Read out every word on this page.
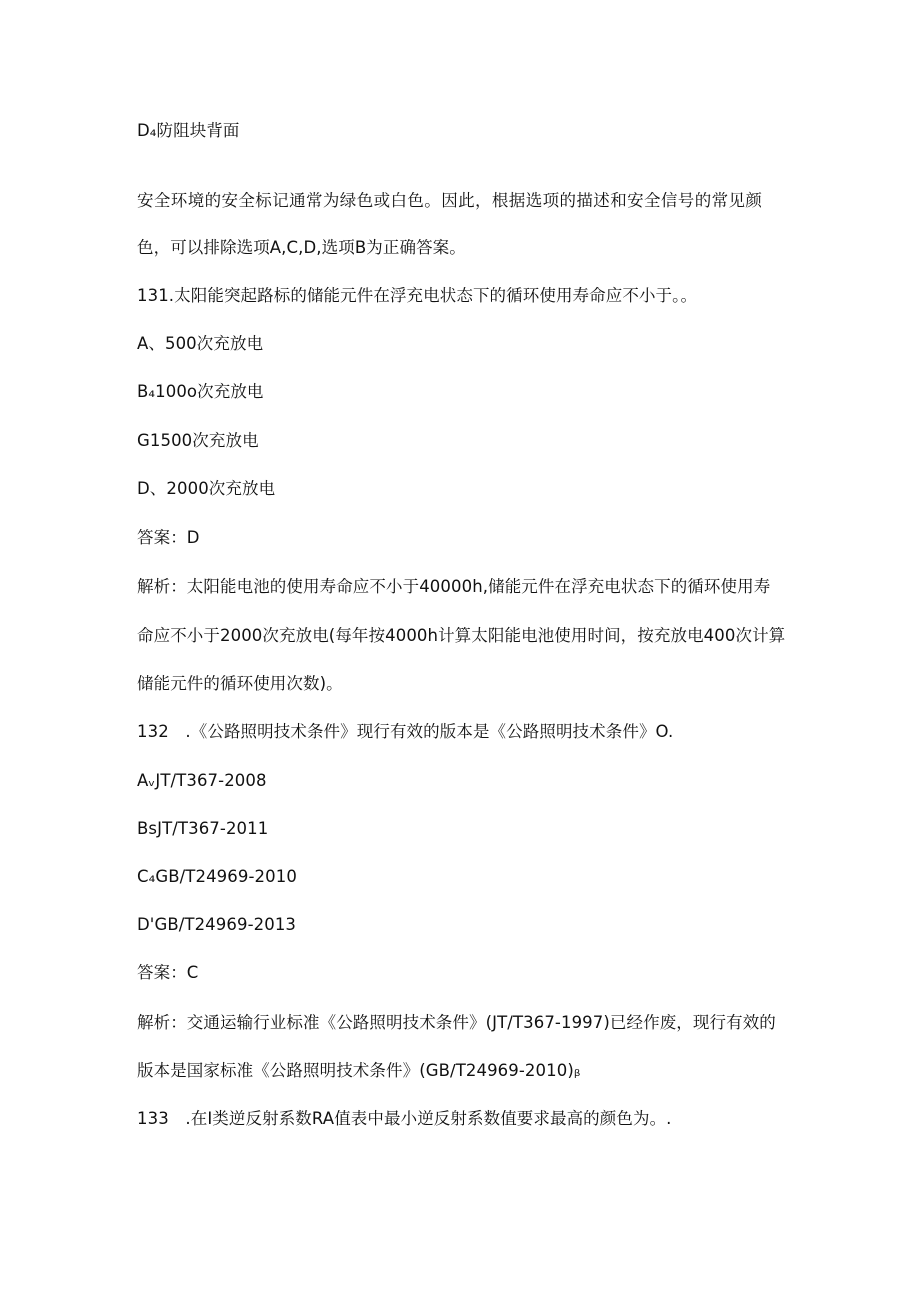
D₄防阻块背面
安全环境的安全标记通常为绿色或白色。因此，根据选项的描述和安全信号的常见颜
色，可以排除选项A,C,D,选项B为正确答案。
131.太阳能突起路标的储能元件在浮充电状态下的循环使用寿命应不小于。。
A、500次充放电
B₄100o次充放电
G1500次充放电
D、2000次充放电
答案：D
解析：太阳能电池的使用寿命应不小于40000h,储能元件在浮充电状态下的循环使用寿
命应不小于2000次充放电(每年按4000h计算太阳能电池使用时间，按充放电400次计算
储能元件的循环使用次数)。
132　.《公路照明技术条件》现行有效的版本是《公路照明技术条件》O.
AᵥJT/T367-2008
BsJT/T367-2011
C₄GB/T24969-2010
D'GB/T24969-2013
答案：C
解析：交通运输行业标准《公路照明技术条件》(JT/T367-1997)已经作废，现行有效的
版本是国家标准《公路照明技术条件》(GB∕T24969-2010)ᵦ
133　.在I类逆反射系数RA值表中最小逆反射系数值要求最高的颜色为。.
